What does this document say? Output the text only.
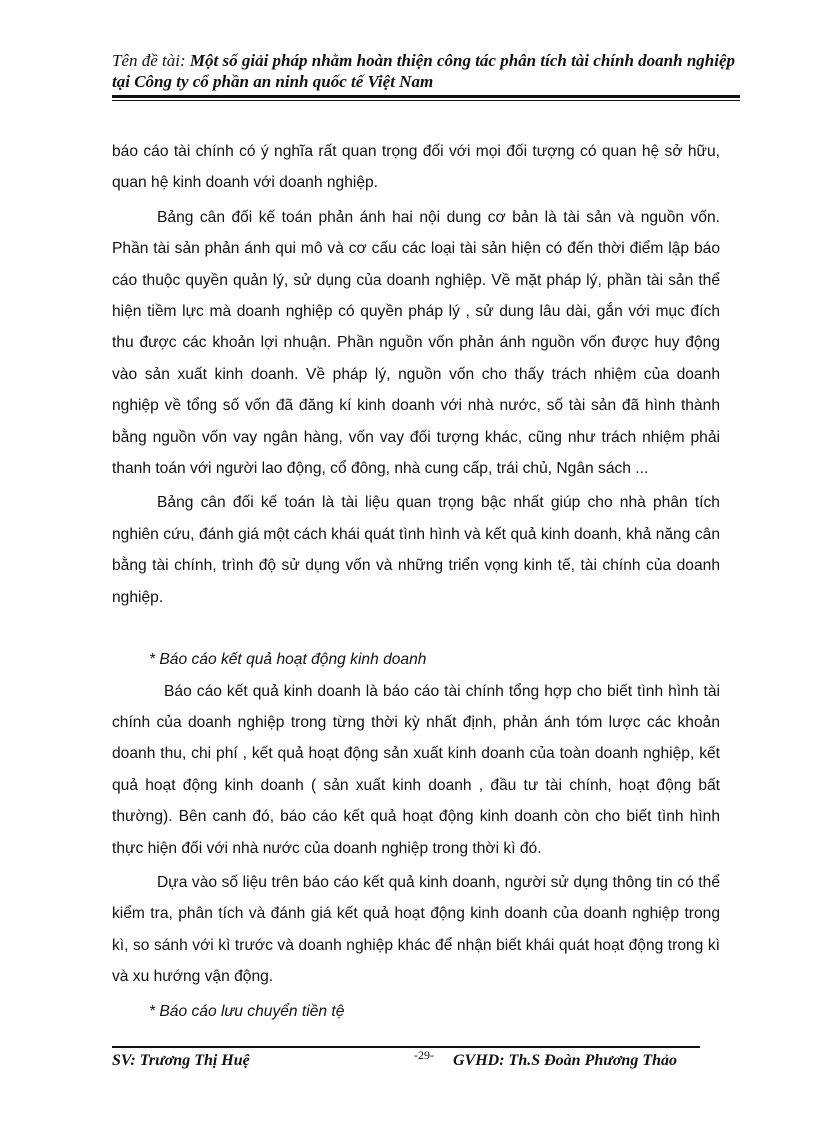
Tên đề tài: Một số giải pháp nhằm hoàn thiện công tác phân tích tài chính doanh nghiệp tại Công ty cổ phần an ninh quốc tế Việt Nam

báo cáo tài chính có ý nghĩa rất quan trọng đối với mọi đối tượng có quan hệ sở hữu, quan hệ kinh doanh với doanh nghiệp.

Bảng cân đối kế toán phản ánh hai nội dung cơ bản là tài sản và nguồn vốn. Phần tài sản phản ánh qui mô và cơ cấu các loại tài sản hiện có đến thời điểm lập báo cáo thuộc quyền quản lý, sử dụng của doanh nghiệp. Về mặt pháp lý, phần tài sản thể hiện tiềm lực mà doanh nghiệp có quyền pháp lý , sử dung lâu dài, gắn với mục đích thu được các khoản lợi nhuận. Phần nguồn vốn phản ánh nguồn vốn được huy động vào sản xuất kinh doanh. Về pháp lý, nguồn vốn cho thấy trách nhiệm của doanh nghiệp về tổng số vốn đã đăng kí kinh doanh với nhà nước, số tài sản đã hình thành bằng nguồn vốn vay ngân hàng, vốn vay đối tượng khác, cũng như trách nhiệm phải thanh toán với người lao động, cổ đông, nhà cung cấp, trái chủ, Ngân sách ...

Bảng cân đối kế toán là tài liệu quan trọng bậc nhất giúp cho nhà phân tích nghiên cứu, đánh giá một cách khái quát tình hình và kết quả kinh doanh, khả năng cân bằng tài chính, trình độ sử dụng vốn và những triển vọng kinh tế, tài chính của doanh nghiệp.

* Báo cáo kết quả hoạt động kinh doanh

Báo cáo kết quả kinh doanh là báo cáo tài chính tổng hợp cho biết tình hình tài chính của doanh nghiệp trong từng thời kỳ nhất định, phản ánh tóm lược các khoản doanh thu, chi phí , kết quả hoạt động sản xuất kinh doanh của toàn doanh nghiệp, kết quả hoạt động kinh doanh ( sản xuất kinh doanh , đầu tư tài chính, hoạt động bất thường). Bên canh đó, báo cáo kết quả hoạt động kinh doanh còn cho biết tình hình thực hiện đối với nhà nước của doanh nghiệp trong thời kì đó.

Dựa vào số liệu trên báo cáo kết quả kinh doanh, người sử dụng thông tin có thể kiểm tra, phân tích và đánh giá kết quả hoạt động kinh doanh của doanh nghiệp trong kì, so sánh với kì trước và doanh nghiệp khác để nhận biết khái quát hoạt động trong kì và xu hướng vận động.

* Báo cáo lưu chuyển tiền tệ

SV: Trương Thị Huệ	-29- GVHD: Th.S Đoàn Phương Thảo
